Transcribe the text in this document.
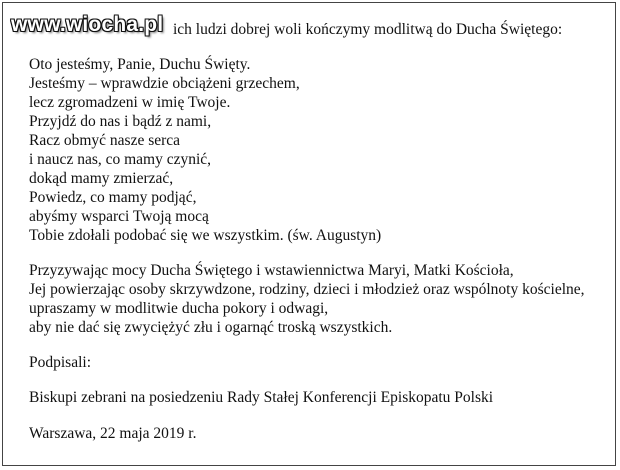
ich ludzi dobrej woli kończymy modlitwą do Ducha Świętego:
Oto jesteśmy, Panie, Duchu Święty.
Jesteśmy – wprawdzie obciążeni grzechem,
lecz zgromadzeni w imię Twoje.
Przyjdź do nas i bądź z nami,
Racz obmyć nasze serca
i naucz nas, co mamy czynić,
dokąd mamy zmierzać,
Powiedz, co mamy podjąć,
abyśmy wsparci Twoją mocą
Tobie zdołali podobać się we wszystkim. (św. Augustyn)
Przyzywając mocy Ducha Świętego i wstawiennictwa Maryi, Matki Kościoła,
Jej powierzając osoby skrzywdzone, rodziny, dzieci i młodzież oraz wspólnoty kościelne,
upraszamy w modlitwie ducha pokory i odwagi,
aby nie dać się zwyciężyć złu i ogarnąć troską wszystkich.
Podpisali:
Biskupi zebrani na posiedzeniu Rady Stałej Konferencji Episkopatu Polski
Warszawa, 22 maja 2019 r.
www.wiocha.pl
